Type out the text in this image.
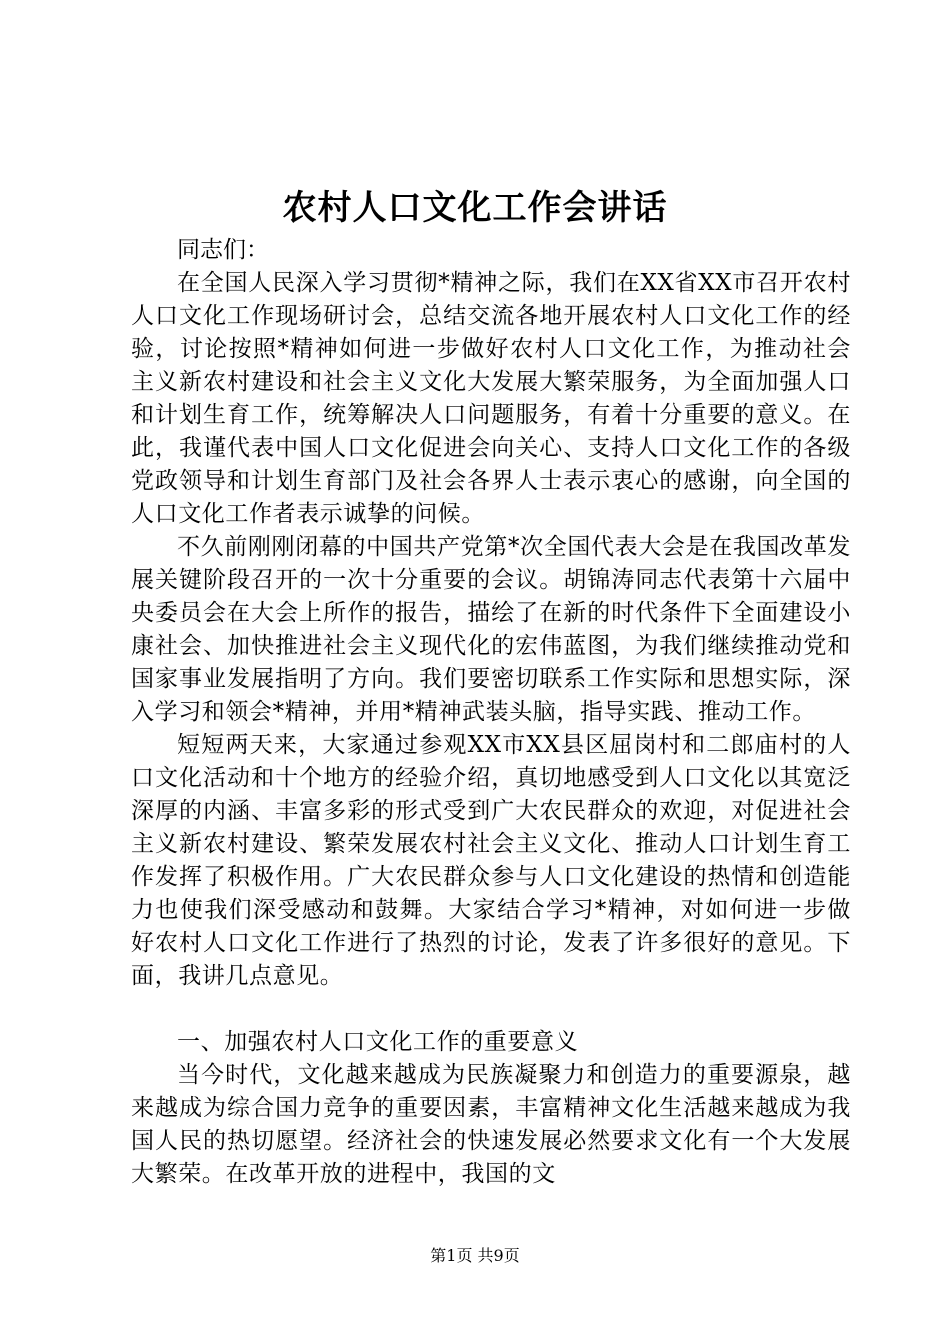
农村人口文化工作会讲话

同志们：

在全国人民深入学习贯彻*精神之际，我们在XX省XX市召开农村人口文化工作现场研讨会，总结交流各地开展农村人口文化工作的经验，讨论按照*精神如何进一步做好农村人口文化工作，为推动社会主义新农村建设和社会主义文化大发展大繁荣服务，为全面加强人口和计划生育工作，统筹解决人口问题服务，有着十分重要的意义。在此，我谨代表中国人口文化促进会向关心、支持人口文化工作的各级党政领导和计划生育部门及社会各界人士表示衷心的感谢，向全国的人口文化工作者表示诚挚的问候。

不久前刚刚闭幕的中国共产党第*次全国代表大会是在我国改革发展关键阶段召开的一次十分重要的会议。胡锦涛同志代表第十六届中央委员会在大会上所作的报告，描绘了在新的时代条件下全面建设小康社会、加快推进社会主义现代化的宏伟蓝图，为我们继续推动党和国家事业发展指明了方向。我们要密切联系工作实际和思想实际，深入学习和领会*精神，并用*精神武装头脑，指导实践、推动工作。

短短两天来，大家通过参观XX市XX县区屈岗村和二郎庙村的人口文化活动和十个地方的经验介绍，真切地感受到人口文化以其宽泛深厚的内涵、丰富多彩的形式受到广大农民群众的欢迎，对促进社会主义新农村建设、繁荣发展农村社会主义文化、推动人口计划生育工作发挥了积极作用。广大农民群众参与人口文化建设的热情和创造能力也使我们深受感动和鼓舞。大家结合学习*精神，对如何进一步做好农村人口文化工作进行了热烈的讨论，发表了许多很好的意见。下面，我讲几点意见。

一、加强农村人口文化工作的重要意义

当今时代，文化越来越成为民族凝聚力和创造力的重要源泉，越来越成为综合国力竞争的重要因素，丰富精神文化生活越来越成为我国人民的热切愿望。经济社会的快速发展必然要求文化有一个大发展大繁荣。在改革开放的进程中，我国的文

第1页 共9页
